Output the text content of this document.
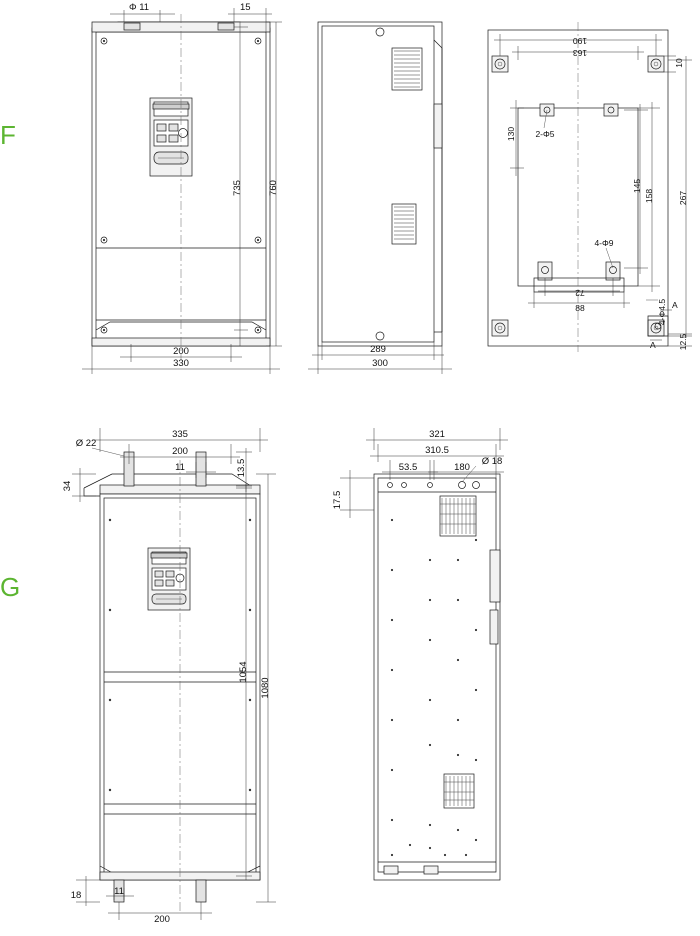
F
G
Φ 11	15
735	760
200
330
289
300
190
163
10
130 2-Φ5
145
158	267
4-Φ9
4-Φ4.5
72
88
12.5
A
A
335
200
Ø 22
11	13.5
34
1054
1080
18	11
200
321
310.5
53.5	180
Ø 18
17.5
